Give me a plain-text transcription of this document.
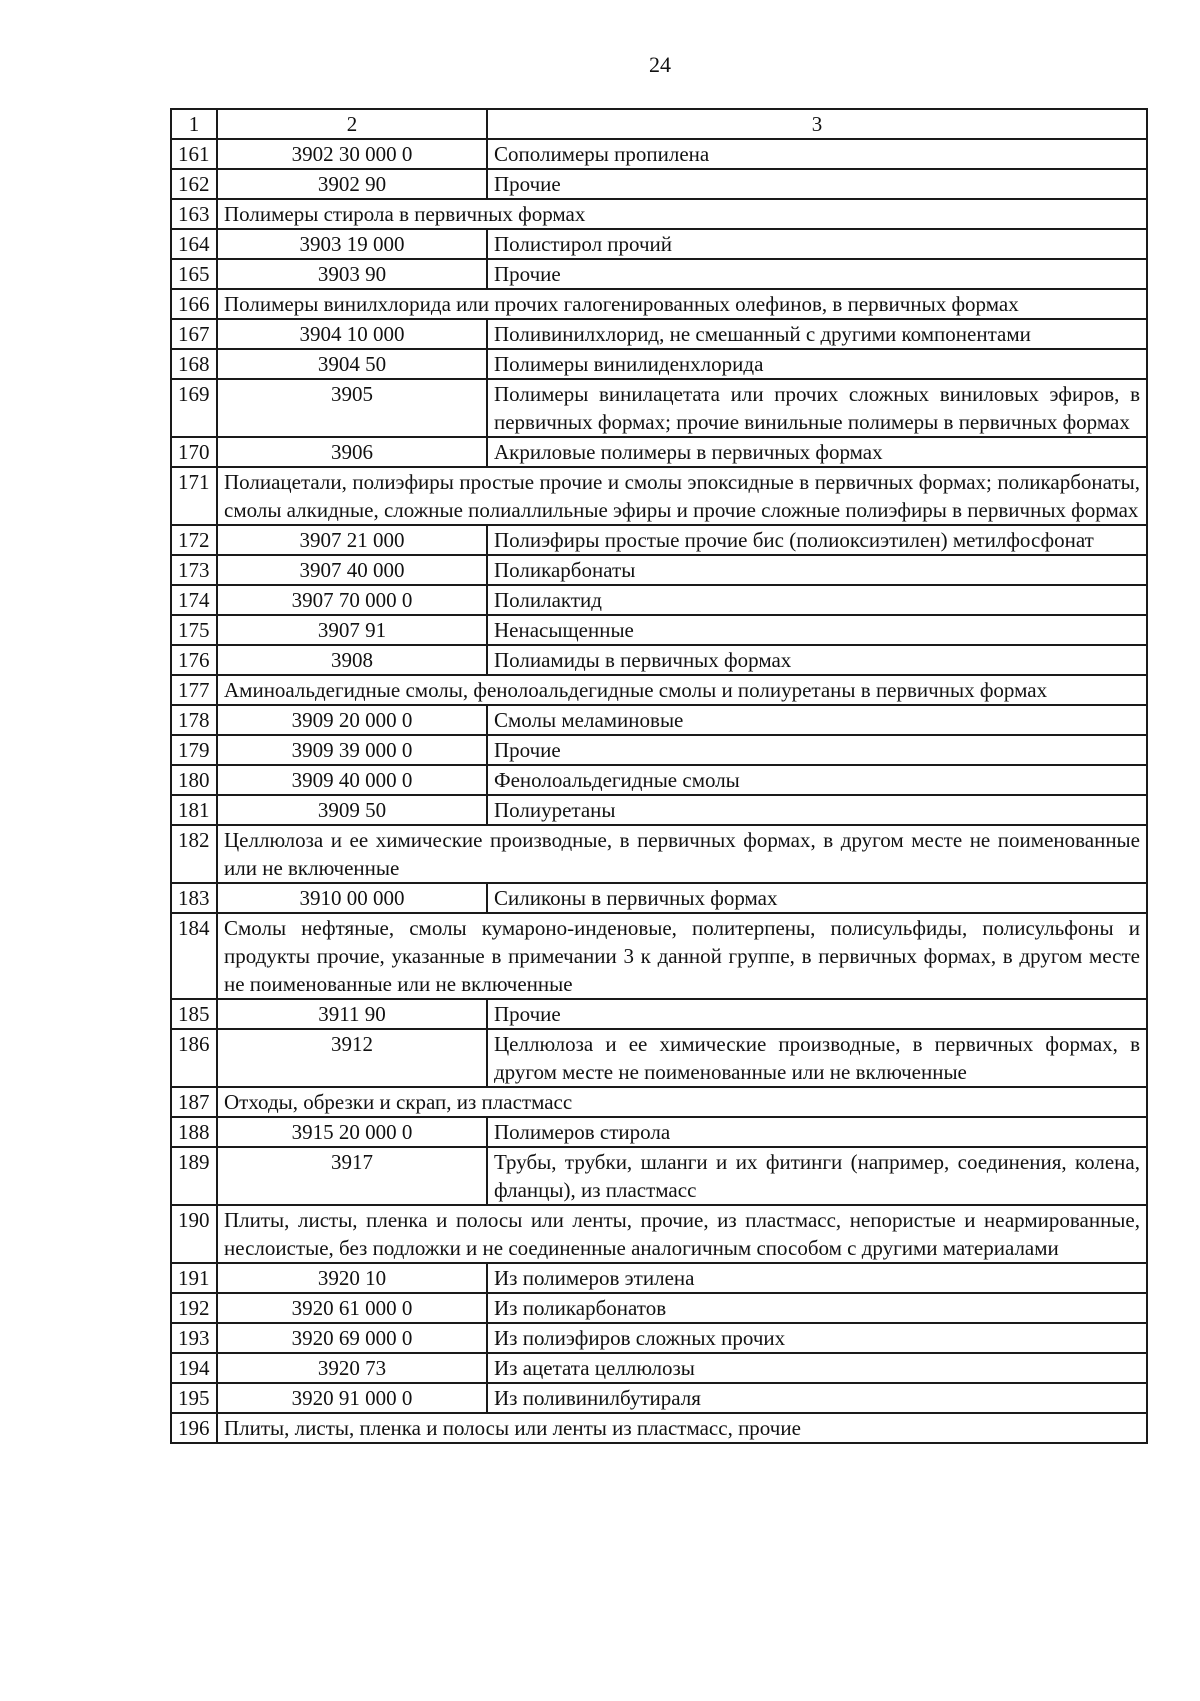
24
1	2	3
161	3902 30 000 0	Сополимеры пропилена
162	3902 90	Прочие
163	Полимеры стирола в первичных формах	
164	3903 19 000	Полистирол прочий
165	3903 90	Прочие
166	Полимеры винилхлорида или прочих галогенированных олефинов, в первичных формах	
167	3904 10 000	Поливинилхлорид, не смешанный с другими компонентами
168	3904 50	Полимеры винилиденхлорида
169	3905	Полимеры винилацетата или прочих сложных виниловых эфиров, в первичных формах; прочие винильные полимеры в первичных формах
170	3906	Акриловые полимеры в первичных формах
171	Полиацетали, полиэфиры простые прочие и смолы эпоксидные в первичных формах; поликарбонаты, смолы алкидные, сложные полиаллильные эфиры и прочие сложные полиэфиры в первичных формах	
172	3907 21 000	Полиэфиры простые прочие бис (полиоксиэтилен) метилфосфонат
173	3907 40 000	Поликарбонаты
174	3907 70 000 0	Полилактид
175	3907 91	Ненасыщенные
176	3908	Полиамиды в первичных формах
177	Аминоальдегидные смолы, фенолоальдегидные смолы и полиуретаны в первичных формах	
178	3909 20 000 0	Смолы меламиновые
179	3909 39 000 0	Прочие
180	3909 40 000 0	Фенолоальдегидные смолы
181	3909 50	Полиуретаны
182	Целлюлоза и ее химические производные, в первичных формах, в другом месте не поименованные или не включенные	
183	3910 00 000	Силиконы в первичных формах
184	Смолы нефтяные, смолы кумароно-инденовые, политерпены, полисульфиды, полисульфоны и продукты прочие, указанные в примечании 3 к данной группе, в первичных формах, в другом месте не поименованные или не включенные	
185	3911 90	Прочие
186	3912	Целлюлоза и ее химические производные, в первичных формах, в другом месте не поименованные или не включенные
187	Отходы, обрезки и скрап, из пластмасс	
188	3915 20 000 0	Полимеров стирола
189	3917	Трубы, трубки, шланги и их фитинги (например, соединения, колена, фланцы), из пластмасс
190	Плиты, листы, пленка и полосы или ленты, прочие, из пластмасс, непористые и неармированные, неслоистые, без подложки и не соединенные аналогичным способом с другими материалами	
191	3920 10	Из полимеров этилена
192	3920 61 000 0	Из поликарбонатов
193	3920 69 000 0	Из полиэфиров сложных прочих
194	3920 73	Из ацетата целлюлозы
195	3920 91 000 0	Из поливинилбутираля
196	Плиты, листы, пленка и полосы или ленты из пластмасс, прочие	
